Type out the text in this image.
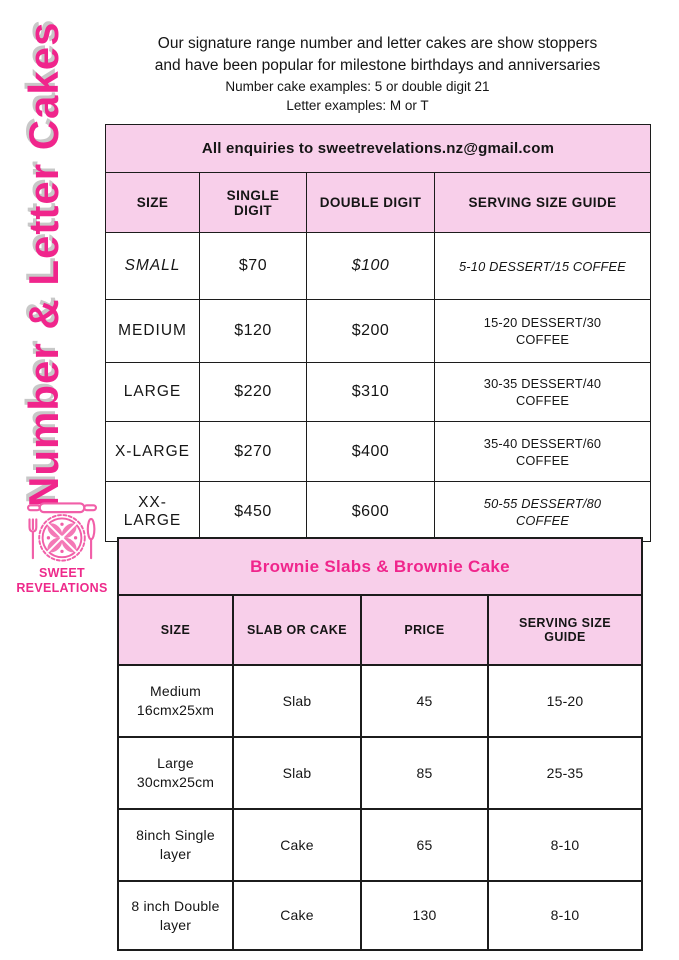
Number & Letter Cakes	Our signature range number and letter cakes are show stoppers

and have been popular for milestone birthdays and anniversaries

Number cake examples: 5 or double digit 21

Letter examples: M or T

SWEET
REVELATIONS
All enquiries to sweetrevelations.nz@gmail.com			
SIZE	SINGLE DIGIT	DOUBLE DIGIT	SERVING SIZE GUIDE
SMALL	$70	$100	5-10 DESSERT/15 COFFEE

MEDIUM	$120	$200	15-20 DESSERT/30
COFFEE

LARGE	$220	$310	30-35 DESSERT/40
COFFEE

X-LARGE	$270	$400	35-40 DESSERT/60
COFFEE

XX-LARGE	$450	$600	50-55 DESSERT/80
COFFEE
Brownie Slabs & Brownie Cake			
SIZE	SLAB OR CAKE	PRICE	SERVING SIZE GUIDE

Medium
16cmx25xm	Slab	45	15-20

Large
30cmx25cm	Slab	85	25-35

8inch Single
layer	Cake	65	8-10

8 inch Double
layer	Cake	130	8-10
